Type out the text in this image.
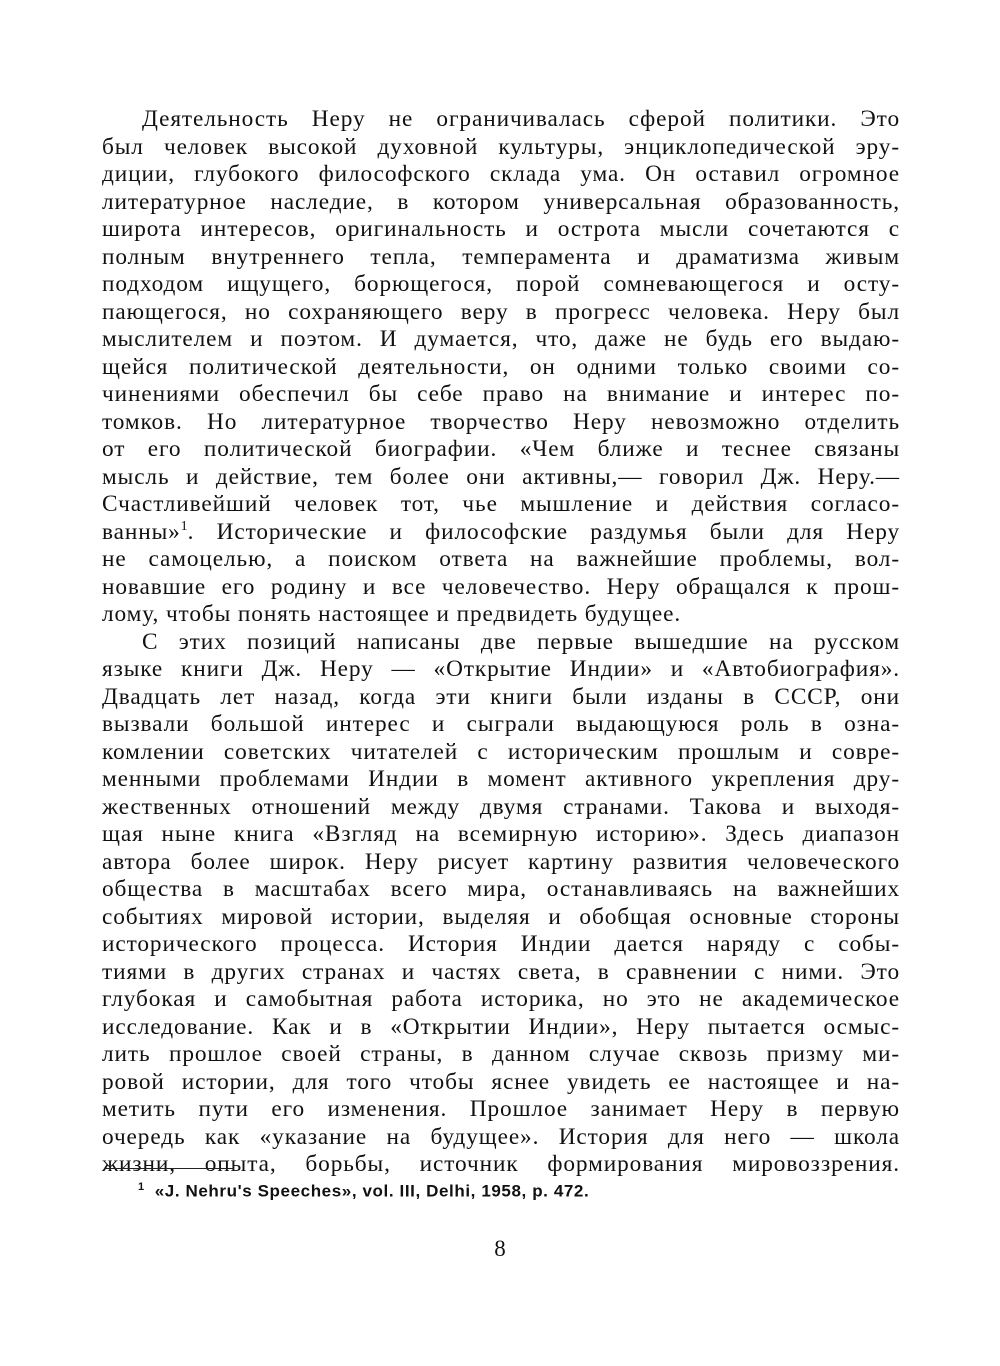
Деятельность Неру не ограничивалась сферой политики. Это
был человек высокой духовной культуры, энциклопедической эру-
диции, глубокого философского склада ума. Он оставил огромное
литературное наследие, в котором универсальная образованность,
широта интересов, оригинальность и острота мысли сочетаются с
полным внутреннего тепла, темперамента и драматизма живым
подходом ищущего, борющегося, порой сомневающегося и осту-
пающегося, но сохраняющего веру в прогресс человека. Неру был
мыслителем и поэтом. И думается, что, даже не будь его выдаю-
щейся политической деятельности, он одними только своими со-
чинениями обеспечил бы себе право на внимание и интерес по-
томков. Но литературное творчество Неру невозможно отделить
от его политической биографии. «Чем ближе и теснее связаны
мысль и действие, тем более они активны,— говорил Дж. Неру.—
Счастливейший человек тот, чье мышление и действия согласо-
ванны»$^1$. Исторические и философские раздумья были для Неру
не самоцелью, а поиском ответа на важнейшие проблемы, вол-
новавшие его родину и все человечество. Неру обращался к прош-
лому, чтобы понять настоящее и предвидеть будущее.
С этих позиций написаны две первые вышедшие на русском
языке книги Дж. Неру — «Открытие Индии» и «Автобиография».
Двадцать лет назад, когда эти книги были изданы в СССР, они
вызвали большой интерес и сыграли выдающуюся роль в озна-
комлении советских читателей с историческим прошлым и совре-
менными проблемами Индии в момент активного укрепления дру-
жественных отношений между двумя странами. Такова и выходя-
щая ныне книга «Взгляд на всемирную историю». Здесь диапазон
автора более широк. Неру рисует картину развития человеческого
общества в масштабах всего мира, останавливаясь на важнейших
событиях мировой истории, выделяя и обобщая основные стороны
исторического процесса. История Индии дается наряду с собы-
тиями в других странах и частях света, в сравнении с ними. Это
глубокая и самобытная работа историка, но это не академическое
исследование. Как и в «Открытии Индии», Неру пытается осмыс-
лить прошлое своей страны, в данном случае сквозь призму ми-
ровой истории, для того чтобы яснее увидеть ее настоящее и на-
метить пути его изменения. Прошлое занимает Неру в первую
очередь как «указание на будущее». История для него — школа
жизни, опыта, борьбы, источник формирования мировоззрения.
$^1$ «J. Nehru's Speeches», vol. III, Delhi, 1958, p. 472.
8
